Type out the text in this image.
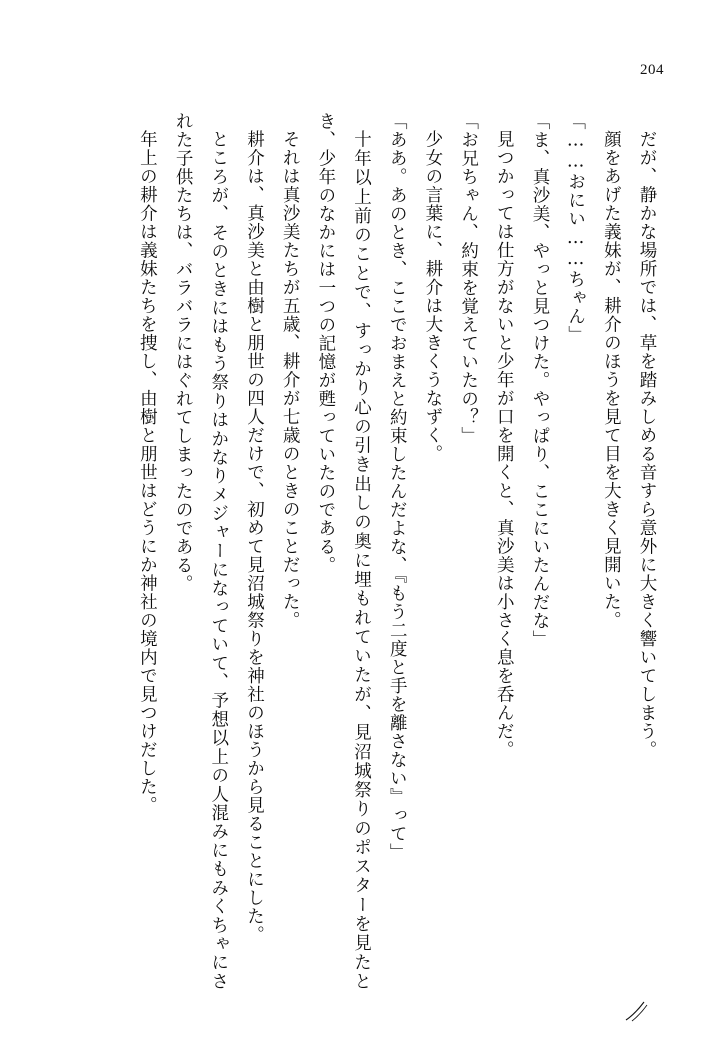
204

だが、静かな場所では、草を踏みしめる音すら意外に大きく響いてしまう。

顔をあげた義妹が、耕介のほうを見て目を大きく見開いた。

「……おにい……ちゃん」

「ま、真沙美、やっと見つけた。やっぱり、ここにいたんだな」

見つかっては仕方がないと少年が口を開くと、真沙美は小さく息を呑んだ。

「お兄ちゃん、約束を覚えていたの？」

少女の言葉に、耕介は大きくうなずく。

「ああ。あのとき、ここでおまえと約束したんだよな、『もう二度と手を離さない』って」

十年以上前のことで、すっかり心の引き出しの奥に埋もれていたが、見沼城祭りのポスターを見たとき、少年のなかには一つの記憶が甦っていたのである。

それは真沙美たちが五歳、耕介が七歳のときのことだった。

耕介は、真沙美と由樹と朋世の四人だけで、初めて見沼城祭りを神社のほうから見ることにした。

ところが、そのときにはもう祭りはかなりメジャーになっていて、予想以上の人混みにもみくちゃにされた子供たちは、バラバラにはぐれてしまったのである。

年上の耕介は義妹たちを捜し、由樹と朋世はどうにか神社の境内で見つけだした。
